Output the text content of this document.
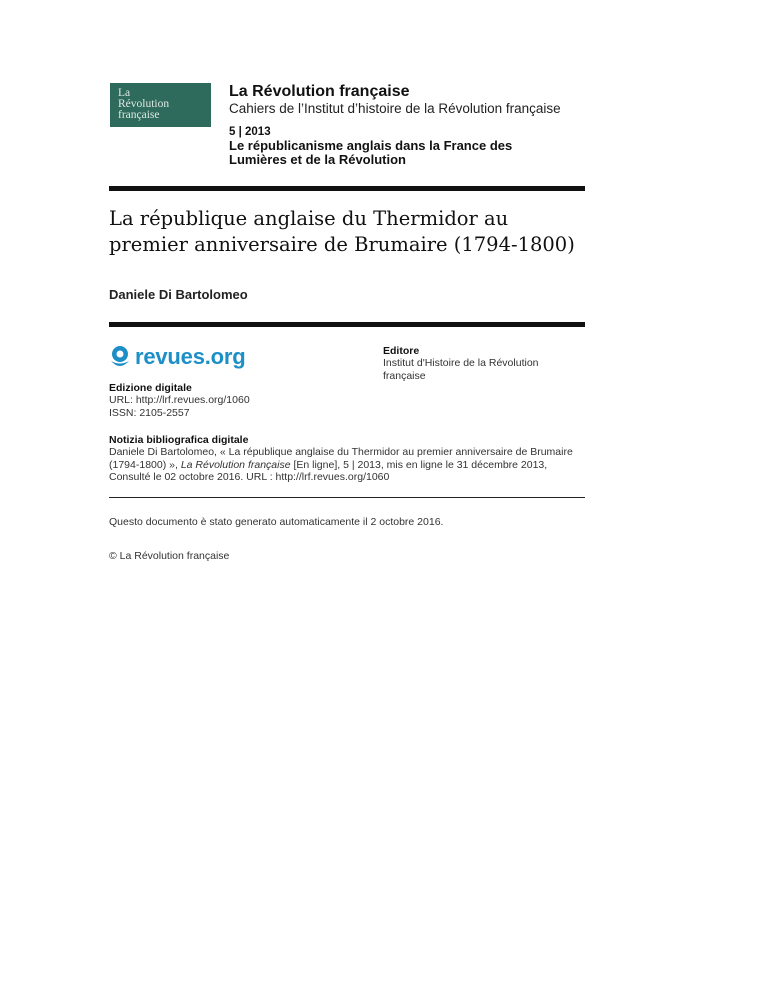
La
Révolution
française
La Révolution française
Cahiers de l’Institut d’histoire de la Révolution française
5 | 2013
Le républicanisme anglais dans la France des Lumières et de la Révolution
La république anglaise du Thermidor au premier anniversaire de Brumaire (1794-1800)
Daniele Di Bartolomeo
revues.org	Editore
Institut d'Histoire de la Révolution française
Edizione digitale
URL: http://lrf.revues.org/1060
ISSN: 2105-2557
Notizia bibliografica digitale
Daniele Di Bartolomeo, « La république anglaise du Thermidor au premier anniversaire de Brumaire (1794-1800) », La Révolution française [En ligne], 5 | 2013, mis en ligne le 31 décembre 2013, Consulté le 02 octobre 2016. URL : http://lrf.revues.org/1060
Questo documento è stato generato automaticamente il 2 octobre 2016.
© La Révolution française
